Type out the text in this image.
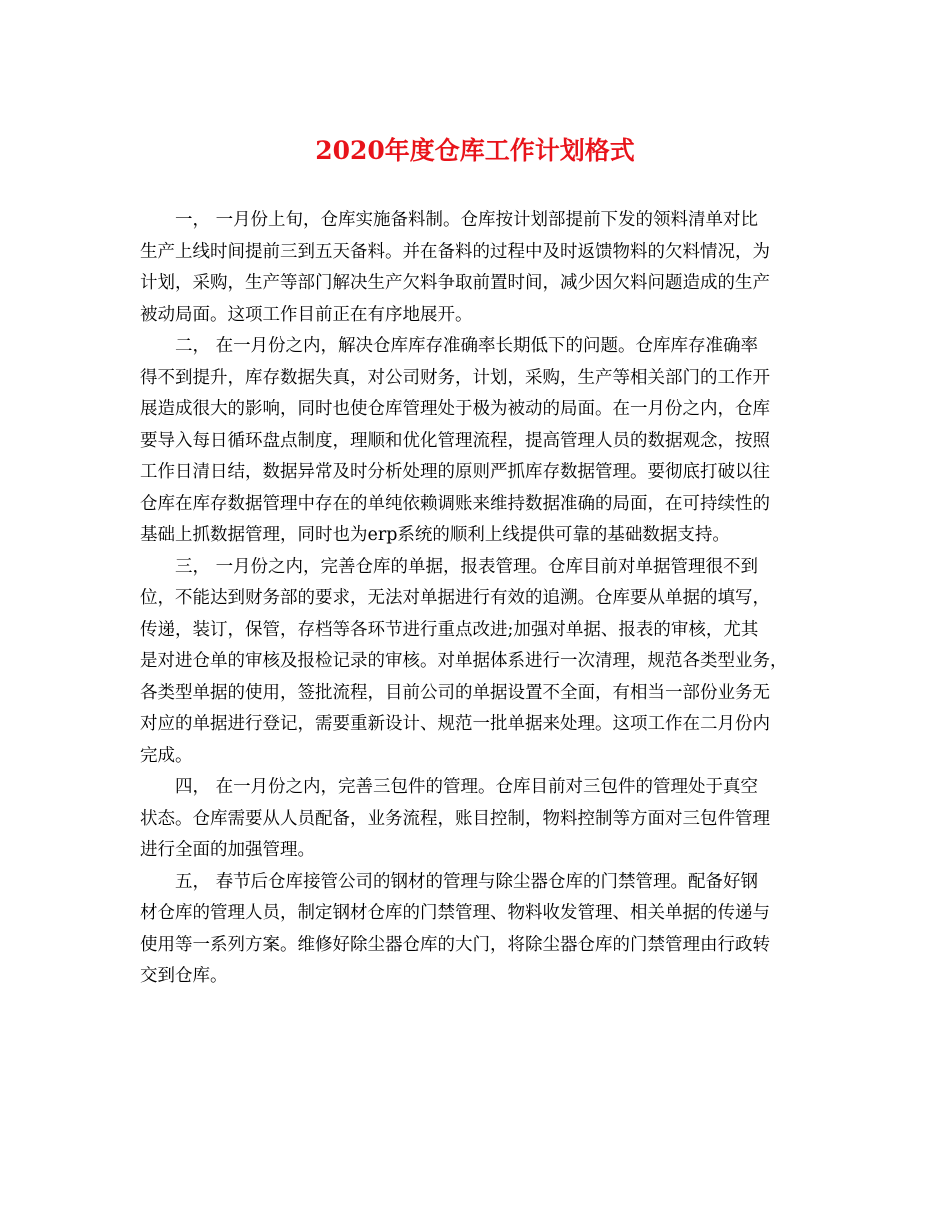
2020年度仓库工作计划格式

一， 一月份上旬，仓库实施备料制。仓库按计划部提前下发的领料清单对比
生产上线时间提前三到五天备料。并在备料的过程中及时返馈物料的欠料情况，为
计划，采购，生产等部门解决生产欠料争取前置时间，减少因欠料问题造成的生产
被动局面。这项工作目前正在有序地展开。

二， 在一月份之内，解决仓库库存准确率长期低下的问题。仓库库存准确率
得不到提升，库存数据失真，对公司财务，计划，采购，生产等相关部门的工作开
展造成很大的影响，同时也使仓库管理处于极为被动的局面。在一月份之内，仓库
要导入每日循环盘点制度，理顺和优化管理流程，提高管理人员的数据观念，按照
工作日清日结，数据异常及时分析处理的原则严抓库存数据管理。要彻底打破以往
仓库在库存数据管理中存在的单纯依赖调账来维持数据准确的局面，在可持续性的
基础上抓数据管理，同时也为erp系统的顺利上线提供可靠的基础数据支持。

三， 一月份之内，完善仓库的单据，报表管理。仓库目前对单据管理很不到
位，不能达到财务部的要求，无法对单据进行有效的追溯。仓库要从单据的填写，
传递，装订，保管，存档等各环节进行重点改进;加强对单据、报表的审核，尤其
是对进仓单的审核及报检记录的审核。对单据体系进行一次清理，规范各类型业务，
各类型单据的使用，签批流程，目前公司的单据设置不全面，有相当一部份业务无
对应的单据进行登记，需要重新设计、规范一批单据来处理。这项工作在二月份内
完成。

四， 在一月份之内，完善三包件的管理。仓库目前对三包件的管理处于真空
状态。仓库需要从人员配备，业务流程，账目控制，物料控制等方面对三包件管理
进行全面的加强管理。

五， 春节后仓库接管公司的钢材的管理与除尘器仓库的门禁管理。配备好钢
材仓库的管理人员，制定钢材仓库的门禁管理、物料收发管理、相关单据的传递与
使用等一系列方案。维修好除尘器仓库的大门，将除尘器仓库的门禁管理由行政转
交到仓库。
